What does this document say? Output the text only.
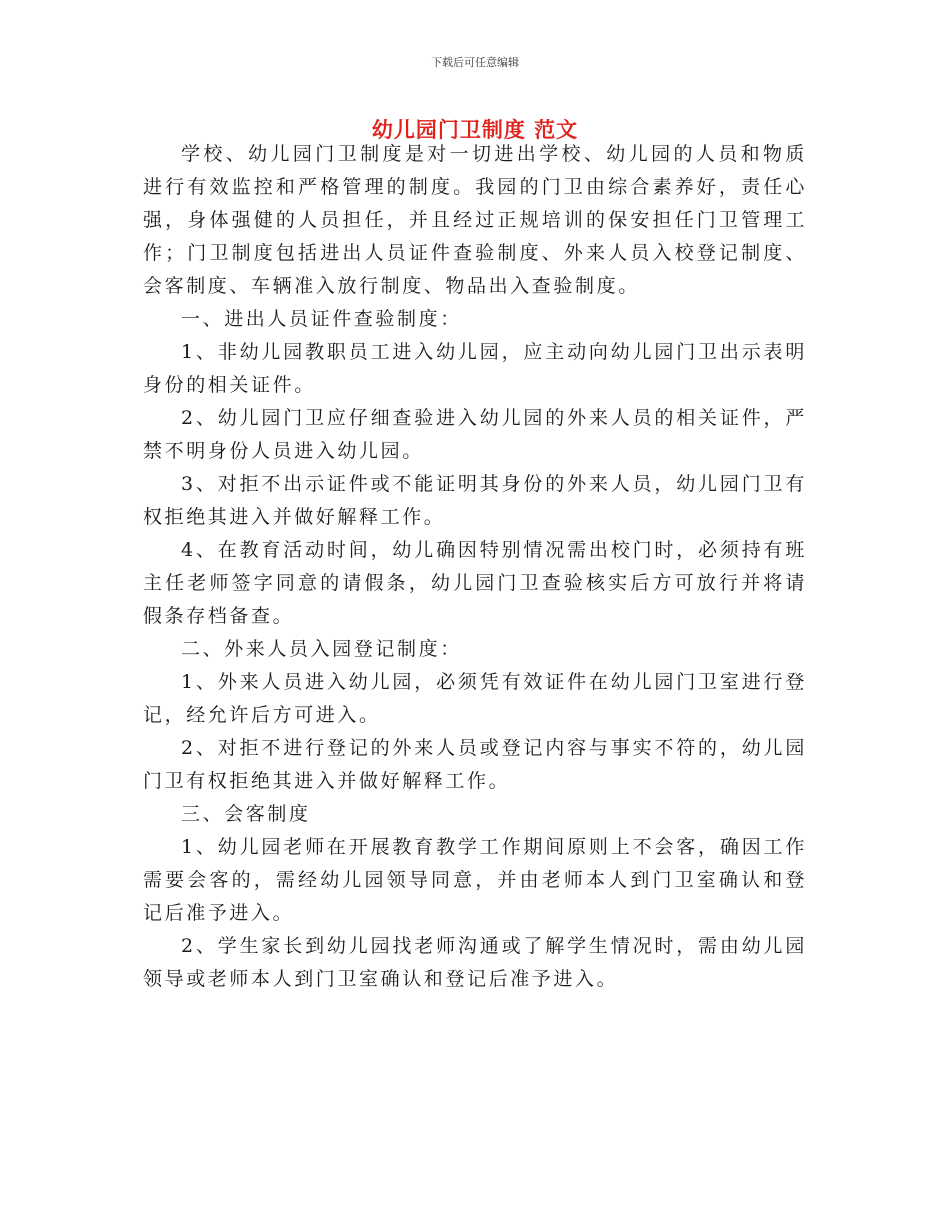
下载后可任意编辑
幼儿园门卫制度 范文

学校、幼儿园门卫制度是对一切进出学校、幼儿园的人员和物质进行有效监控和严格管理的制度。我园的门卫由综合素养好，责任心强，身体强健的人员担任，并且经过正规培训的保安担任门卫管理工作；门卫制度包括进出人员证件查验制度、外来人员入校登记制度、会客制度、车辆准入放行制度、物品出入查验制度。

一、进出人员证件查验制度：

1、非幼儿园教职员工进入幼儿园，应主动向幼儿园门卫出示表明身份的相关证件。

2、幼儿园门卫应仔细查验进入幼儿园的外来人员的相关证件，严禁不明身份人员进入幼儿园。

3、对拒不出示证件或不能证明其身份的外来人员，幼儿园门卫有权拒绝其进入并做好解释工作。

4、在教育活动时间，幼儿确因特别情况需出校门时，必须持有班主任老师签字同意的请假条，幼儿园门卫查验核实后方可放行并将请假条存档备查。

二、外来人员入园登记制度：

1、外来人员进入幼儿园，必须凭有效证件在幼儿园门卫室进行登记，经允许后方可进入。

2、对拒不进行登记的外来人员或登记内容与事实不符的，幼儿园门卫有权拒绝其进入并做好解释工作。

三、会客制度

1、幼儿园老师在开展教育教学工作期间原则上不会客，确因工作需要会客的，需经幼儿园领导同意，并由老师本人到门卫室确认和登记后准予进入。

2、学生家长到幼儿园找老师沟通或了解学生情况时，需由幼儿园领导或老师本人到门卫室确认和登记后准予进入。
